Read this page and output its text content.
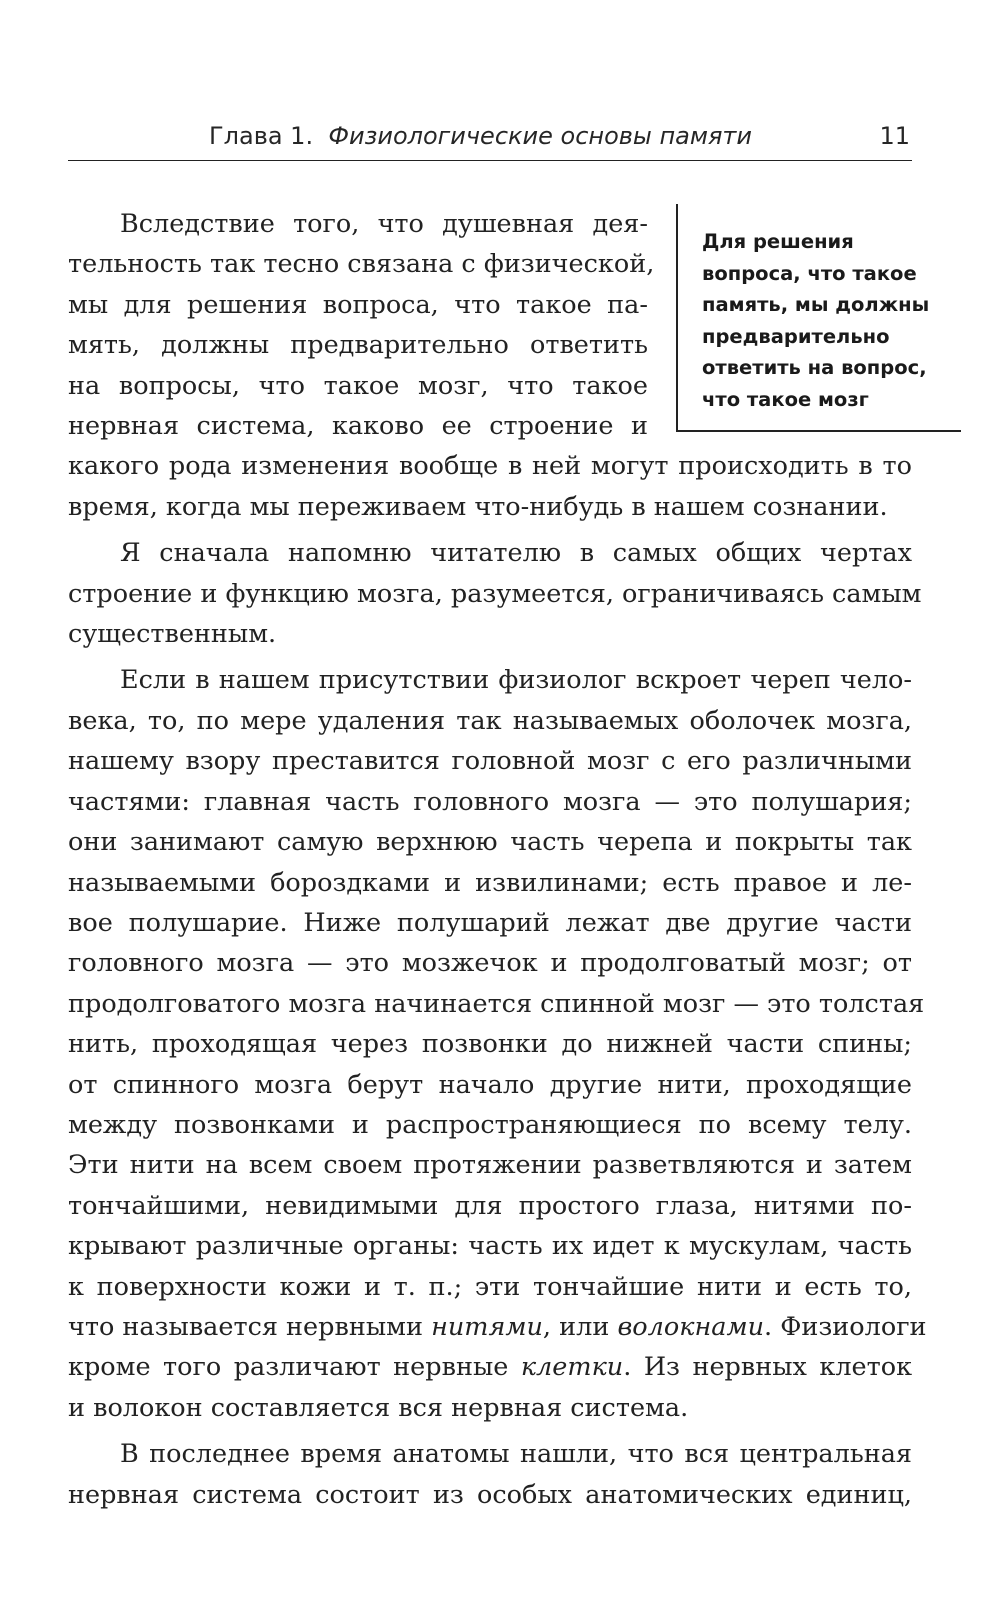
Глава 1. Физиологические основы памяти	11
Для решения
вопроса, что такое
память, мы должны
предварительно
ответить на вопрос,
что такое мозг
Вследствие того, что душевная дея-
тельность так тесно связана с физической,
мы для решения вопроса, что такое па-
мять, должны предварительно ответить
на вопросы, что такое мозг, что такое
нервная система, каково ее строение и
какого рода изменения вообще в ней могут происходить в то
время, когда мы переживаем что-нибудь в нашем сознании.
Я сначала напомню читателю в самых общих чертах
строение и функцию мозга, разумеется, ограничиваясь самым
существенным.
Если в нашем присутствии физиолог вскроет череп чело-
века, то, по мере удаления так называемых оболочек мозга,
нашему взору преставится головной мозг с его различными
частями: главная часть головного мозга — это полушария;
они занимают самую верхнюю часть черепа и покрыты так
называемыми бороздками и извилинами; есть правое и ле-
вое полушарие. Ниже полушарий лежат две другие части
головного мозга — это мозжечок и продолговатый мозг; от
продолговатого мозга начинается спинной мозг — это толстая
нить, проходящая через позвонки до нижней части спины;
от спинного мозга берут начало другие нити, проходящие
между позвонками и распространяющиеся по всему телу.
Эти нити на всем своем протяжении разветвляются и затем
тончайшими, невидимыми для простого глаза, нитями по-
крывают различные органы: часть их идет к мускулам, часть
к поверхности кожи и т. п.; эти тончайшие нити и есть то,
что называется нервными нитями, или волокнами. Физиологи
кроме того различают нервные клетки. Из нервных клеток
и волокон составляется вся нервная система.
В последнее время анатомы нашли, что вся центральная
нервная система состоит из особых анатомических единиц,
